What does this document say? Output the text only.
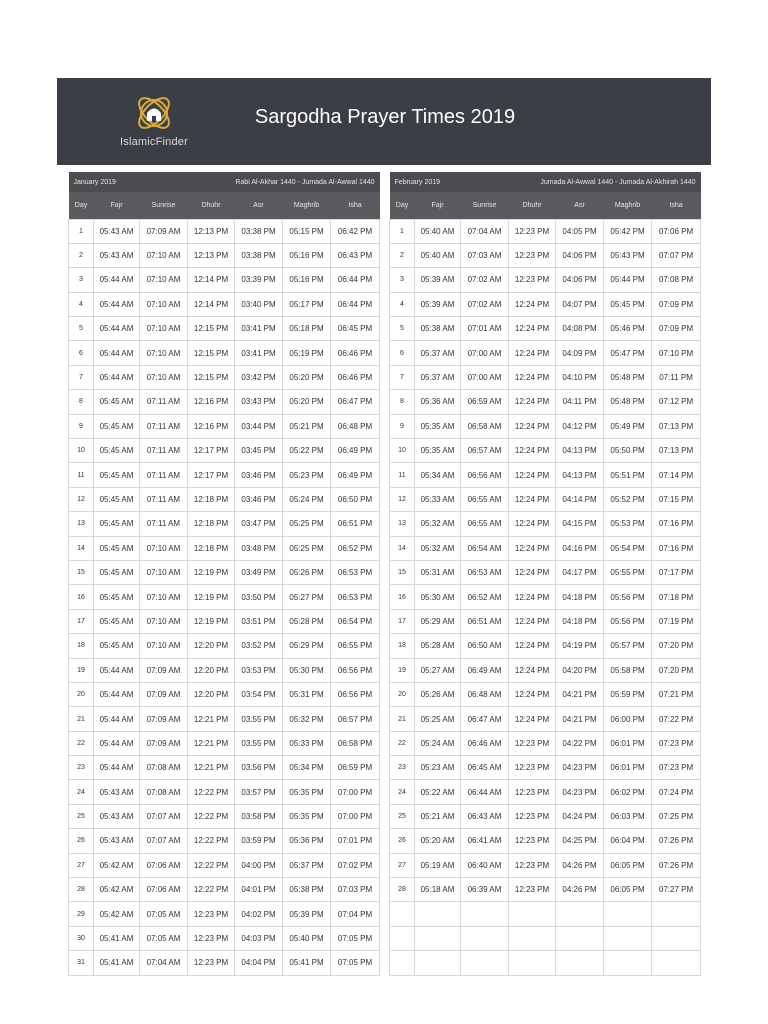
IslamicFinder
Sargodha Prayer Times 2019
January 2019			Rabi Al-Akhar 1440 - Jumada Al-Awwal 1440			
Day	Fajr	Sunrise	Dhuhr	Asr	Maghrib	Isha
1	05:43 AM	07:09 AM	12:13 PM	03:38 PM	05:15 PM	06:42 PM
2	05:43 AM	07:10 AM	12:13 PM	03:38 PM	05:16 PM	06:43 PM
3	05:44 AM	07:10 AM	12:14 PM	03:39 PM	05:16 PM	06:44 PM
4	05:44 AM	07:10 AM	12:14 PM	03:40 PM	05:17 PM	06:44 PM
5	05:44 AM	07:10 AM	12:15 PM	03:41 PM	05:18 PM	06:45 PM
6	05:44 AM	07:10 AM	12:15 PM	03:41 PM	05:19 PM	06:46 PM
7	05:44 AM	07:10 AM	12:15 PM	03:42 PM	05:20 PM	06:46 PM
8	05:45 AM	07:11 AM	12:16 PM	03:43 PM	05:20 PM	06:47 PM
9	05:45 AM	07:11 AM	12:16 PM	03:44 PM	05:21 PM	06:48 PM
10	05:45 AM	07:11 AM	12:17 PM	03:45 PM	05:22 PM	06:49 PM
11	05:45 AM	07:11 AM	12:17 PM	03:46 PM	05:23 PM	06:49 PM
12	05:45 AM	07:11 AM	12:18 PM	03:46 PM	05:24 PM	06:50 PM
13	05:45 AM	07:11 AM	12:18 PM	03:47 PM	05:25 PM	06:51 PM
14	05:45 AM	07:10 AM	12:18 PM	03:48 PM	05:25 PM	06:52 PM
15	05:45 AM	07:10 AM	12:19 PM	03:49 PM	05:26 PM	06:53 PM
16	05:45 AM	07:10 AM	12:19 PM	03:50 PM	05:27 PM	06:53 PM
17	05:45 AM	07:10 AM	12:19 PM	03:51 PM	05:28 PM	06:54 PM
18	05:45 AM	07:10 AM	12:20 PM	03:52 PM	05:29 PM	06:55 PM
19	05:44 AM	07:09 AM	12:20 PM	03:53 PM	05:30 PM	06:56 PM
20	05:44 AM	07:09 AM	12:20 PM	03:54 PM	05:31 PM	06:56 PM
21	05:44 AM	07:09 AM	12:21 PM	03:55 PM	05:32 PM	06:57 PM
22	05:44 AM	07:09 AM	12:21 PM	03:55 PM	05:33 PM	06:58 PM
23	05:44 AM	07:08 AM	12:21 PM	03:56 PM	05:34 PM	06:59 PM
24	05:43 AM	07:08 AM	12:22 PM	03:57 PM	05:35 PM	07:00 PM
25	05:43 AM	07:07 AM	12:22 PM	03:58 PM	05:35 PM	07:00 PM
26	05:43 AM	07:07 AM	12:22 PM	03:59 PM	05:36 PM	07:01 PM
27	05:42 AM	07:06 AM	12:22 PM	04:00 PM	05:37 PM	07:02 PM
28	05:42 AM	07:06 AM	12:22 PM	04:01 PM	05:38 PM	07:03 PM
29	05:42 AM	07:05 AM	12:23 PM	04:02 PM	05:39 PM	07:04 PM
30	05:41 AM	07:05 AM	12:23 PM	04:03 PM	05:40 PM	07:05 PM
31	05:41 AM	07:04 AM	12:23 PM	04:04 PM	05:41 PM	07:05 PM
February 2019			Jumada Al-Awwal 1440 - Jumada Al-Akhirah 1440			
Day	Fajr	Sunrise	Dhuhr	Asr	Maghrib	Isha
1	05:40 AM	07:04 AM	12:23 PM	04:05 PM	05:42 PM	07:06 PM
2	05:40 AM	07:03 AM	12:23 PM	04:06 PM	05:43 PM	07:07 PM
3	05:39 AM	07:02 AM	12:23 PM	04:06 PM	05:44 PM	07:08 PM
4	05:39 AM	07:02 AM	12:24 PM	04:07 PM	05:45 PM	07:09 PM
5	05:38 AM	07:01 AM	12:24 PM	04:08 PM	05:46 PM	07:09 PM
6	05:37 AM	07:00 AM	12:24 PM	04:09 PM	05:47 PM	07:10 PM
7	05:37 AM	07:00 AM	12:24 PM	04:10 PM	05:48 PM	07:11 PM
8	05:36 AM	06:59 AM	12:24 PM	04:11 PM	05:48 PM	07:12 PM
9	05:35 AM	06:58 AM	12:24 PM	04:12 PM	05:49 PM	07:13 PM
10	05:35 AM	06:57 AM	12:24 PM	04:13 PM	05:50 PM	07:13 PM
11	05:34 AM	06:56 AM	12:24 PM	04:13 PM	05:51 PM	07:14 PM
12	05:33 AM	06:55 AM	12:24 PM	04:14 PM	05:52 PM	07:15 PM
13	05:32 AM	06:55 AM	12:24 PM	04:15 PM	05:53 PM	07:16 PM
14	05:32 AM	06:54 AM	12:24 PM	04:16 PM	05:54 PM	07:16 PM
15	05:31 AM	06:53 AM	12:24 PM	04:17 PM	05:55 PM	07:17 PM
16	05:30 AM	06:52 AM	12:24 PM	04:18 PM	05:56 PM	07:18 PM
17	05:29 AM	06:51 AM	12:24 PM	04:18 PM	05:56 PM	07:19 PM
18	05:28 AM	06:50 AM	12:24 PM	04:19 PM	05:57 PM	07:20 PM
19	05:27 AM	06:49 AM	12:24 PM	04:20 PM	05:58 PM	07:20 PM
20	05:26 AM	06:48 AM	12:24 PM	04:21 PM	05:59 PM	07:21 PM
21	05:25 AM	06:47 AM	12:24 PM	04:21 PM	06:00 PM	07:22 PM
22	05:24 AM	06:46 AM	12:23 PM	04:22 PM	06:01 PM	07:23 PM
23	05:23 AM	06:45 AM	12:23 PM	04:23 PM	06:01 PM	07:23 PM
24	05:22 AM	06:44 AM	12:23 PM	04:23 PM	06:02 PM	07:24 PM
25	05:21 AM	06:43 AM	12:23 PM	04:24 PM	06:03 PM	07:25 PM
26	05:20 AM	06:41 AM	12:23 PM	04:25 PM	06:04 PM	07:26 PM
27	05:19 AM	06:40 AM	12:23 PM	04:26 PM	06:05 PM	07:26 PM
28	05:18 AM	06:39 AM	12:23 PM	04:26 PM	06:05 PM	07:27 PM
